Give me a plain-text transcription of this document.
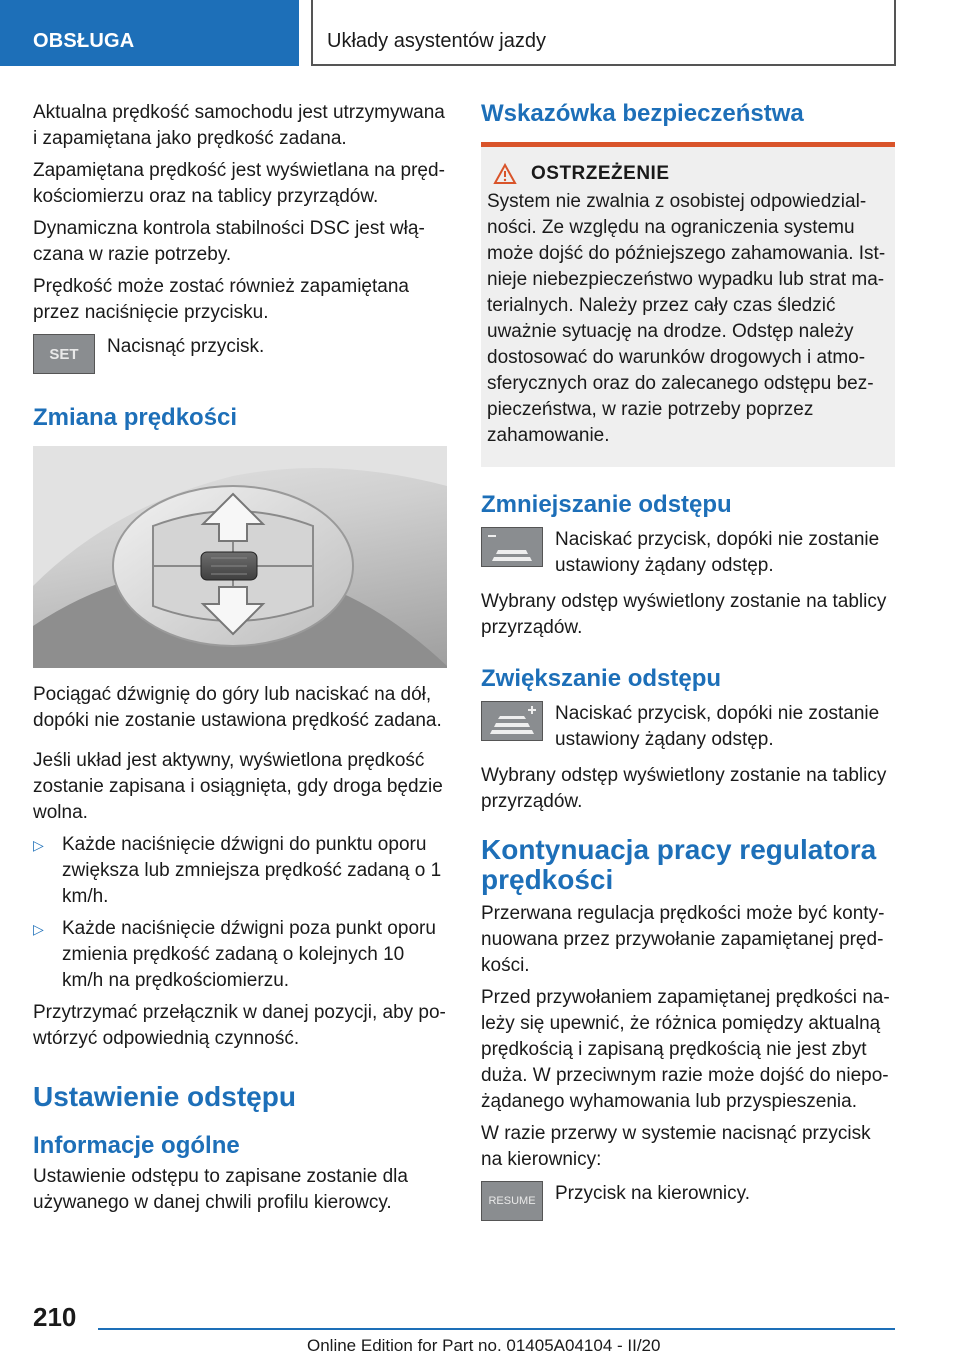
OBSŁUGA	Układy asystentów jazdy

Aktualna prędkość samochodu jest utrzymywana i zapamiętana jako prędkość zadana.

Zapamiętana prędkość jest wyświetlana na prędkościomierzu oraz na tablicy przyrządów.

Dynamiczna kontrola stabilności DSC jest włączana w razie potrzeby.

Prędkość może zostać również zapamiętana przez naciśnięcie przycisku.

SET	Nacisnąć przycisk.

Zmiana prędkości

Pociągać dźwignię do góry lub naciskać na dół, dopóki nie zostanie ustawiona prędkość zadana.

Jeśli układ jest aktywny, wyświetlona prędkość zostanie zapisana i osiągnięta, gdy droga będzie wolna.

▷ Każde naciśnięcie dźwigni do punktu oporu zwiększa lub zmniejsza prędkość zadaną o 1 km/h.
▷ Każde naciśnięcie dźwigni poza punkt oporu zmienia prędkość zadaną o kolejnych 10 km/h na prędkościomierzu.

Przytrzymać przełącznik w danej pozycji, aby powtórzyć odpowiednią czynność.

Ustawienie odstępu
Informacje ogólne

Ustawienie odstępu to zapisane zostanie dla używanego w danej chwili profilu kierowcy.

Wskazówka bezpieczeństwa
OSTRZEŻENIE

System nie zwalnia z osobistej odpowiedzialności. Ze względu na ograniczenia systemu może dojść do późniejszego zahamowania. Istnieje niebezpieczeństwo wypadku lub strat materialnych. Należy przez cały czas śledzić uważnie sytuację na drodze. Odstęp należy dostosować do warunków drogowych i atmosferycznych oraz do zalecanego odstępu bezpieczeństwa, w razie potrzeby poprzez zahamowanie.

Zmniejszanie odstępu

Naciskać przycisk, dopóki nie zostanie ustawiony żądany odstęp.

Wybrany odstęp wyświetlony zostanie na tablicy przyrządów.

Zwiększanie odstępu

Naciskać przycisk, dopóki nie zostanie ustawiony żądany odstęp.

Wybrany odstęp wyświetlony zostanie na tablicy przyrządów.

Kontynuacja pracy regulatora prędkości

Przerwana regulacja prędkości może być kontynuowana przez przywołanie zapamiętanej prędkości.

Przed przywołaniem zapamiętanej prędkości należy się upewnić, że różnica pomiędzy aktualną prędkością i zapisaną prędkością nie jest zbyt duża. W przeciwnym razie może dojść do niepożądanego wyhamowania lub przyspieszenia.

W razie przerwy w systemie nacisnąć przycisk na kierownicy:

RESUME	Przycisk na kierownicy.

210
Online Edition for Part no. 01405A04104 - II/20
